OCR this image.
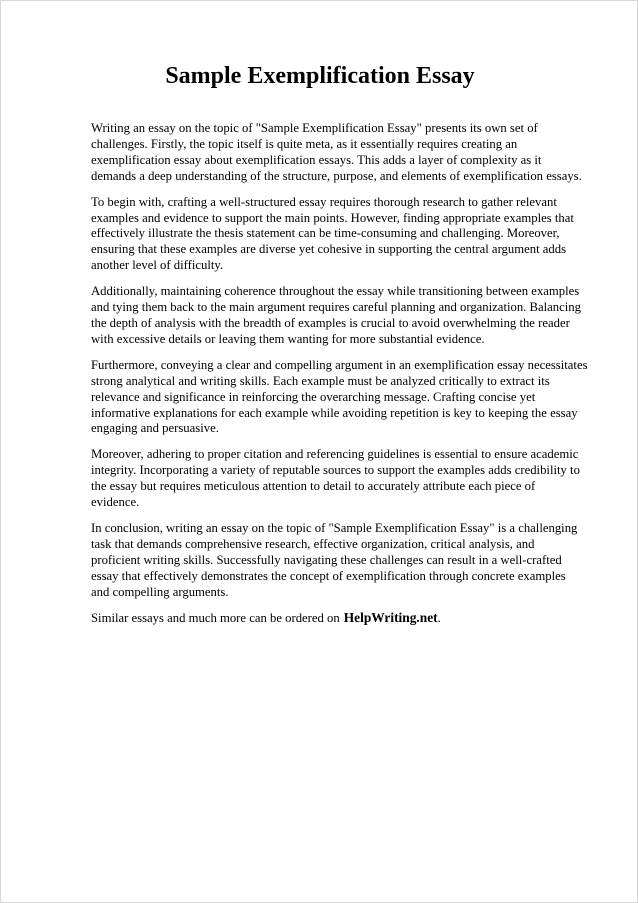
Sample Exemplification Essay

Writing an essay on the topic of "Sample Exemplification Essay" presents its own set of
challenges. Firstly, the topic itself is quite meta, as it essentially requires creating an
exemplification essay about exemplification essays. This adds a layer of complexity as it
demands a deep understanding of the structure, purpose, and elements of exemplification essays.

To begin with, crafting a well-structured essay requires thorough research to gather relevant
examples and evidence to support the main points. However, finding appropriate examples that
effectively illustrate the thesis statement can be time-consuming and challenging. Moreover,
ensuring that these examples are diverse yet cohesive in supporting the central argument adds
another level of difficulty.

Additionally, maintaining coherence throughout the essay while transitioning between examples
and tying them back to the main argument requires careful planning and organization. Balancing
the depth of analysis with the breadth of examples is crucial to avoid overwhelming the reader
with excessive details or leaving them wanting for more substantial evidence.

Furthermore, conveying a clear and compelling argument in an exemplification essay necessitates
strong analytical and writing skills. Each example must be analyzed critically to extract its
relevance and significance in reinforcing the overarching message. Crafting concise yet
informative explanations for each example while avoiding repetition is key to keeping the essay
engaging and persuasive.

Moreover, adhering to proper citation and referencing guidelines is essential to ensure academic
integrity. Incorporating a variety of reputable sources to support the examples adds credibility to
the essay but requires meticulous attention to detail to accurately attribute each piece of
evidence.

In conclusion, writing an essay on the topic of "Sample Exemplification Essay" is a challenging
task that demands comprehensive research, effective organization, critical analysis, and
proficient writing skills. Successfully navigating these challenges can result in a well-crafted
essay that effectively demonstrates the concept of exemplification through concrete examples
and compelling arguments.

Similar essays and much more can be ordered on HelpWriting.net.
